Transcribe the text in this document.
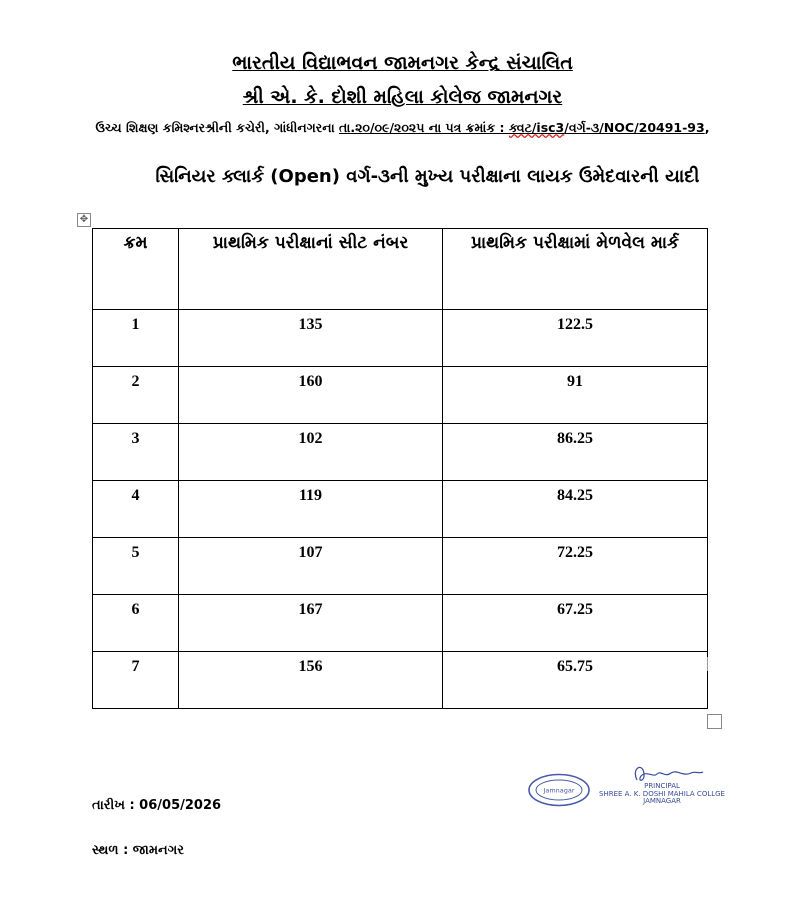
ભારતીય વિદ્યાભવન જામનગર કેન્દ્ર સંચાલિત
શ્રી એ. કે. દોશી મહિલા કોલેજ જામનગર
ઉચ્ચ શિક્ષણ કમિશ્નરશ્રીની કચેરી, ગાંધીનગરના તા.૨૦/૦૯/૨૦૨૫ ના પત્ર ક્રમાંક : ક્વટ/isc3/વર્ગ-૩/NOC/20491-93,
સિનિયર ક્લાર્ક (Open) વર્ગ-૩ની મુખ્ય પરીક્ષાના લાયક ઉમેદવારની યાદી
✥
ક્રમ	પ્રાથમિક પરીક્ષાનાં સીટ નંબર	પ્રાથમિક પરીક્ષામાં મેળવેલ માર્ક
1	135	122.5
2	160	91
3	102	86.25
4	119	84.25
5	107	72.25
6	167	67.25
7	156	65.75
Jamnagar
PRINCIPAL
SHREE A. K. DOSHI MAHILA COLLGE
JAMNAGAR
તારીખ : 06/05/2026
સ્થળ : જામનગર
